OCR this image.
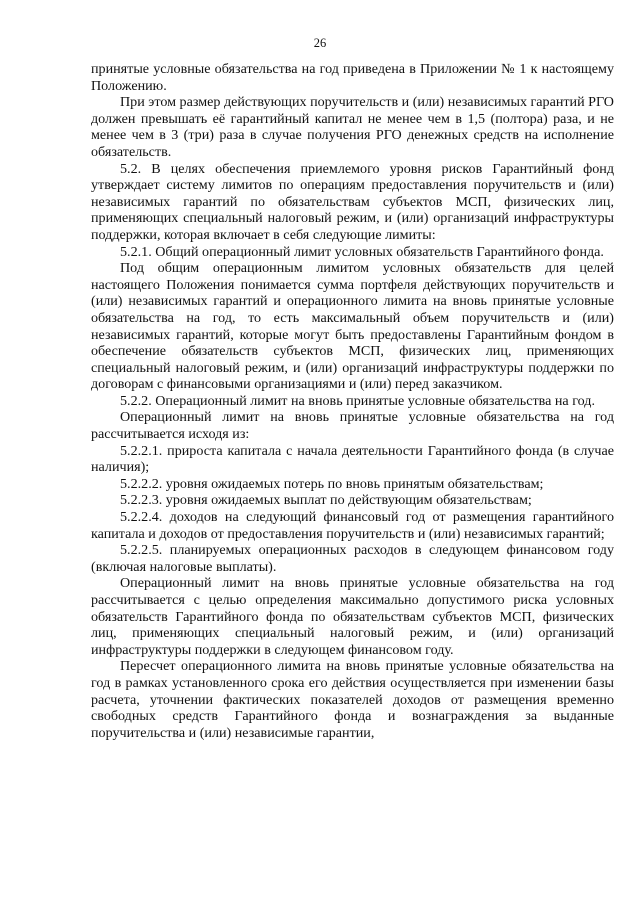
26

принятые условные обязательства на год приведена в Приложении № 1 к настоящему Положению.

При этом размер действующих поручительств и (или) независимых гарантий РГО должен превышать её гарантийный капитал не менее чем в 1,5 (полтора) раза, и не менее чем в 3 (три) раза в случае получения РГО денежных средств на исполнение обязательств.

5.2. В целях обеспечения приемлемого уровня рисков Гарантийный фонд утверждает систему лимитов по операциям предоставления поручительств и (или) независимых гарантий по обязательствам субъектов МСП, физических лиц, применяющих специальный налоговый режим, и (или) организаций инфраструктуры поддержки, которая включает в себя следующие лимиты:

5.2.1. Общий операционный лимит условных обязательств Гарантийного фонда.

Под общим операционным лимитом условных обязательств для целей настоящего Положения понимается сумма портфеля действующих поручительств и (или) независимых гарантий и операционного лимита на вновь принятые условные обязательства на год, то есть максимальный объем поручительств и (или) независимых гарантий, которые могут быть предоставлены Гарантийным фондом в обеспечение обязательств субъектов МСП, физических лиц, применяющих специальный налоговый режим, и (или) организаций инфраструктуры поддержки по договорам с финансовыми организациями и (или) перед заказчиком.

5.2.2. Операционный лимит на вновь принятые условные обязательства на год.

Операционный лимит на вновь принятые условные обязательства на год рассчитывается исходя из:

5.2.2.1. прироста капитала с начала деятельности Гарантийного фонда (в случае наличия);

5.2.2.2. уровня ожидаемых потерь по вновь принятым обязательствам;

5.2.2.3. уровня ожидаемых выплат по действующим обязательствам;

5.2.2.4. доходов на следующий финансовый год от размещения гарантийного капитала и доходов от предоставления поручительств и (или) независимых гарантий;

5.2.2.5. планируемых операционных расходов в следующем финансовом году (включая налоговые выплаты).

Операционный лимит на вновь принятые условные обязательства на год рассчитывается с целью определения максимально допустимого риска условных обязательств Гарантийного фонда по обязательствам субъектов МСП, физических лиц, применяющих специальный налоговый режим, и (или) организаций инфраструктуры поддержки в следующем финансовом году.

Пересчет операционного лимита на вновь принятые условные обязательства на год в рамках установленного срока его действия осуществляется при изменении базы расчета, уточнении фактических показателей доходов от размещения временно свободных средств Гарантийного фонда и вознаграждения за выданные поручительства и (или) независимые гарантии,
